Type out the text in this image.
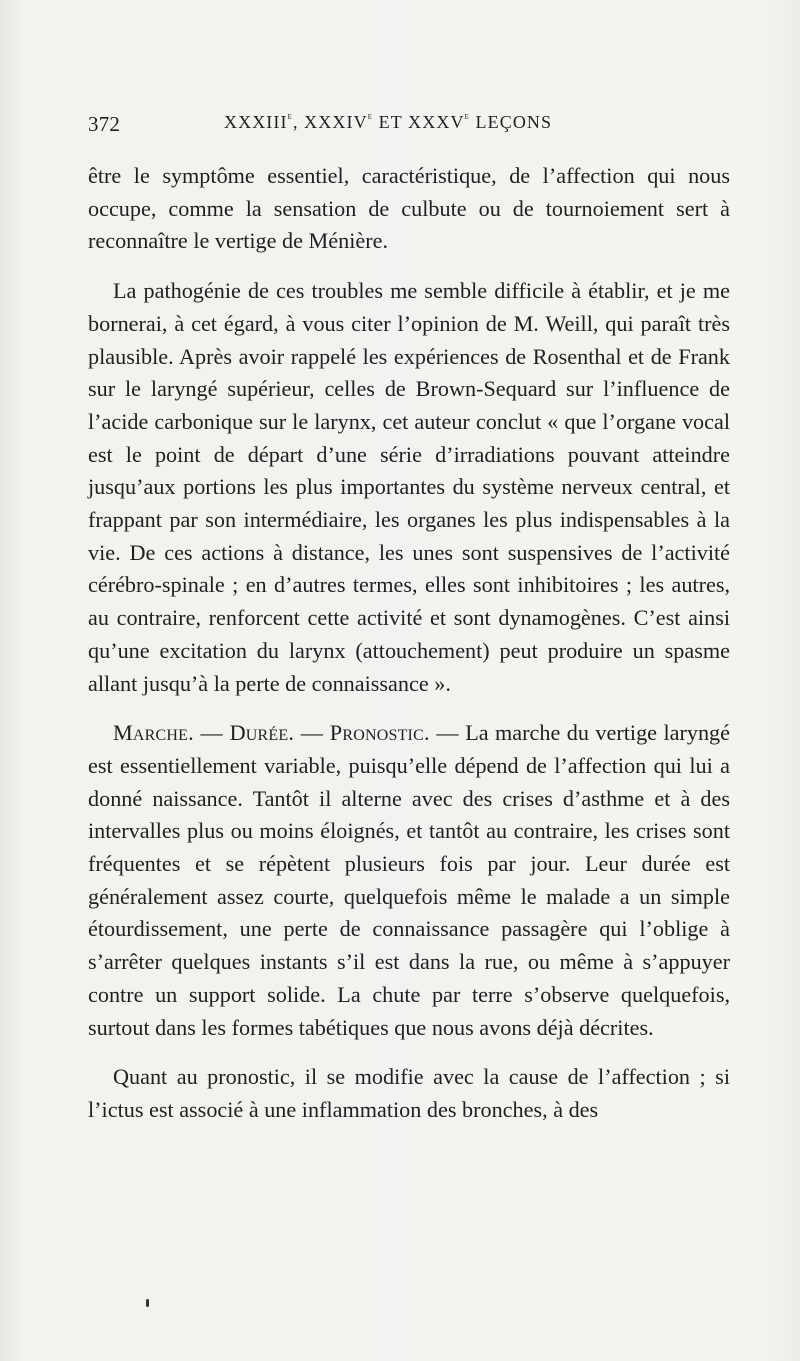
372	XXXIIIe, XXXIVe ET XXXVe LEÇONS

être le symptôme essentiel, caractéristique, de l’affection qui nous occupe, comme la sensation de culbute ou de tournoiement sert à reconnaître le vertige de Ménière.

La pathogénie de ces troubles me semble difficile à établir, et je me bornerai, à cet égard, à vous citer l’opinion de M. Weill, qui paraît très plausible. Après avoir rappelé les expériences de Rosenthal et de Frank sur le laryngé supérieur, celles de Brown-Sequard sur l’influence de l’acide carbonique sur le larynx, cet auteur conclut « que l’organe vocal est le point de départ d’une série d’irradiations pouvant atteindre jusqu’aux portions les plus importantes du système nerveux central, et frappant par son intermédiaire, les organes les plus indispensables à la vie. De ces actions à distance, les unes sont suspensives de l’activité cérébro-spinale ; en d’autres termes, elles sont inhibitoires ; les autres, au contraire, renforcent cette activité et sont dynamogènes. C’est ainsi qu’une excitation du larynx (attouchement) peut produire un spasme allant jusqu’à la perte de connaissance ».

Marche. — Durée. — Pronostic. — La marche du vertige laryngé est essentiellement variable, puisqu’elle dépend de l’affection qui lui a donné naissance. Tantôt il alterne avec des crises d’asthme et à des intervalles plus ou moins éloignés, et tantôt au contraire, les crises sont fréquentes et se répètent plusieurs fois par jour. Leur durée est généralement assez courte, quelquefois même le malade a un simple étourdissement, une perte de connaissance passagère qui l’oblige à s’arrêter quelques instants s’il est dans la rue, ou même à s’appuyer contre un support solide. La chute par terre s’observe quelquefois, surtout dans les formes tabétiques que nous avons déjà décrites.

Quant au pronostic, il se modifie avec la cause de l’affection ; si l’ictus est associé à une inflammation des bronches, à des
